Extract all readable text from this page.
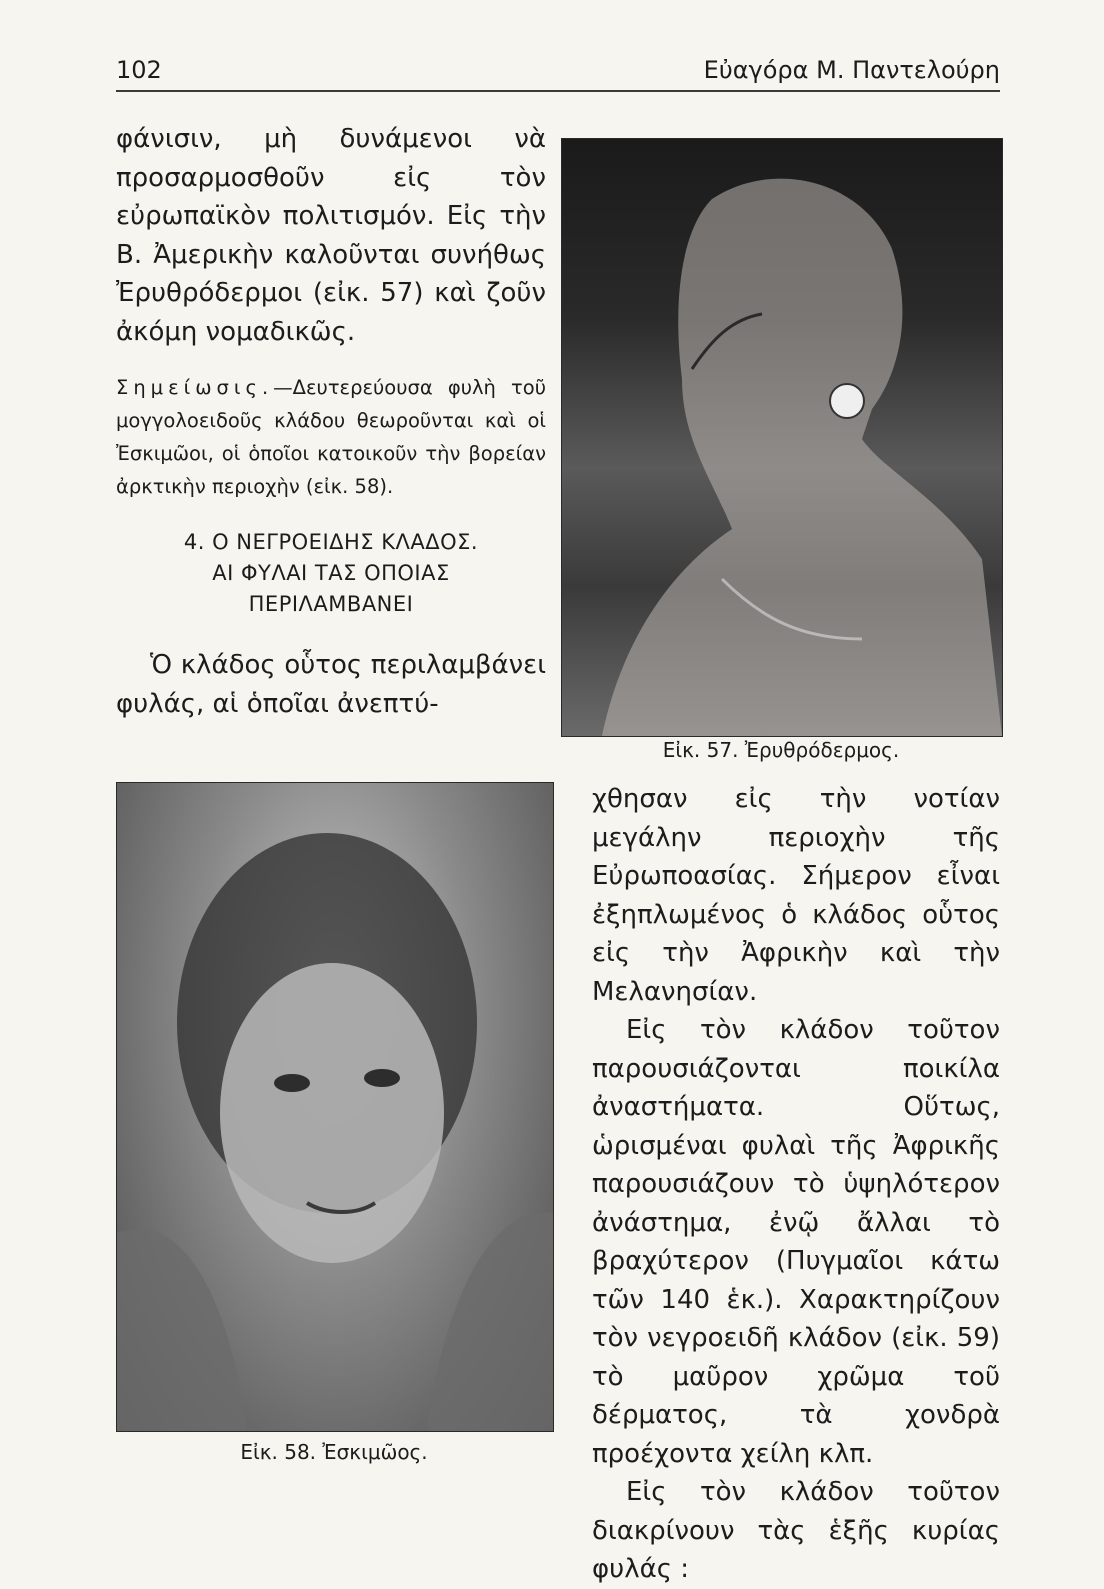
102	Εὐαγόρα Μ. Παντελούρη

φάνισιν, μὴ δυνάμενοι νὰ προσαρμοσθοῦν εἰς τὸν εὐρωπαϊκὸν πολιτισμόν. Εἰς τὴν Β. Ἀμερικὴν καλοῦνται συνήθως Ἐρυθρόδερμοι (εἰκ. 57) καὶ ζοῦν ἀκόμη νομαδικῶς.

Σημείωσις.—Δευτερεύουσα φυλὴ τοῦ μογγολοειδοῦς κλάδου θεωροῦνται καὶ οἱ Ἐσκιμῶοι, οἱ ὁποῖοι κατοικοῦν τὴν βορείαν ἀρκτικὴν περιοχὴν (εἰκ. 58).

4. Ο ΝΕΓΡΟΕΙΔΗΣ ΚΛΑΔΟΣ.
ΑΙ ΦΥΛΑΙ ΤΑΣ ΟΠΟΙΑΣ
ΠΕΡΙΛΑΜΒΑΝΕΙ

Ὁ κλάδος οὗτος περιλαμβάνει φυλάς, αἱ ὁποῖαι ἀνεπτύ-

Εἰκ. 57. Ἐρυθρόδερμος.
Εἰκ. 58. Ἐσκιμῶος.

χθησαν εἰς τὴν νοτίαν μεγάλην περιοχὴν τῆς Εὐρωποασίας. Σήμερον εἶναι ἐξηπλωμένος ὁ κλάδος οὗτος εἰς τὴν Ἀφρικὴν καὶ τὴν Μελανησίαν.

Εἰς τὸν κλάδον τοῦτον παρουσιάζονται ποικίλα ἀναστήματα. Οὕτως, ὡρισμέναι φυλαὶ τῆς Ἀφρικῆς παρουσιάζουν τὸ ὑψηλότερον ἀνάστημα, ἐνῷ ἄλλαι τὸ βραχύτερον (Πυγμαῖοι κάτω τῶν 140 ἑκ.). Χαρακτηρίζουν τὸν νεγροειδῆ κλάδον (εἰκ. 59) τὸ μαῦρον χρῶμα τοῦ δέρματος, τὰ χονδρὰ προέχοντα χείλη κλπ.

Εἰς τὸν κλάδον τοῦτον διακρίνουν τὰς ἑξῆς κυρίας φυλάς :
